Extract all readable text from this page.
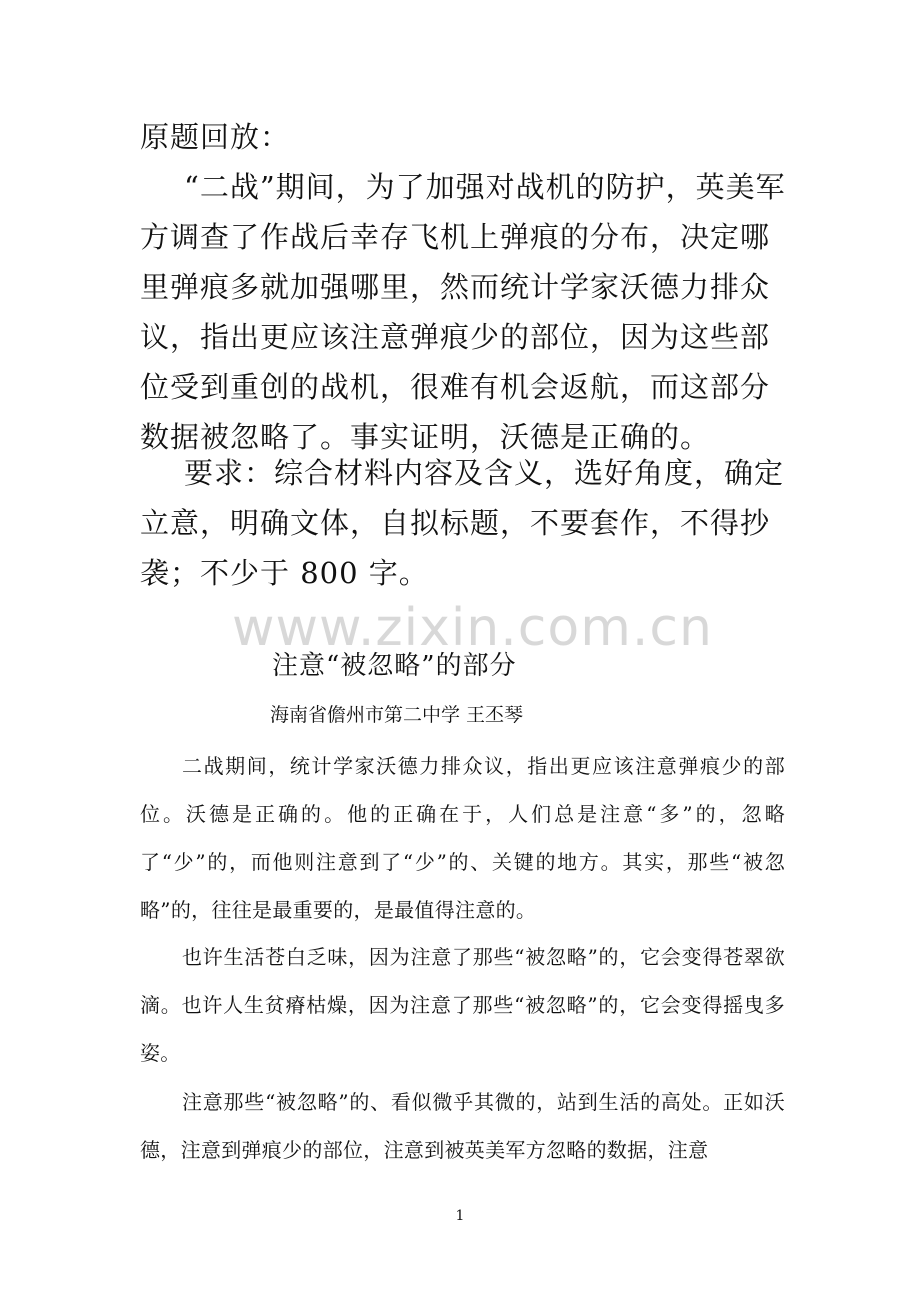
原题回放：

“二战”期间，为了加强对战机的防护，英美军方调查了作战后幸存飞机上弹痕的分布，决定哪里弹痕多就加强哪里，然而统计学家沃德力排众议，指出更应该注意弹痕少的部位，因为这些部位受到重创的战机，很难有机会返航，而这部分数据被忽略了。事实证明，沃德是正确的。

要求：综合材料内容及含义，选好角度，确定立意，明确文体，自拟标题，不要套作，不得抄袭；不少于 800 字。

www.zixin.com.cn

注意“被忽略”的部分

海南省儋州市第二中学 王丕琴

二战期间，统计学家沃德力排众议，指出更应该注意弹痕少的部位。沃德是正确的。他的正确在于，人们总是注意“多”的，忽略了“少”的，而他则注意到了“少”的、关键的地方。其实，那些“被忽略”的，往往是最重要的，是最值得注意的。

也许生活苍白乏味，因为注意了那些“被忽略”的，它会变得苍翠欲滴。也许人生贫瘠枯燥，因为注意了那些“被忽略”的，它会变得摇曳多姿。

注意那些“被忽略”的、看似微乎其微的，站到生活的高处。正如沃德，注意到弹痕少的部位，注意到被英美军方忽略的数据，注意

1
